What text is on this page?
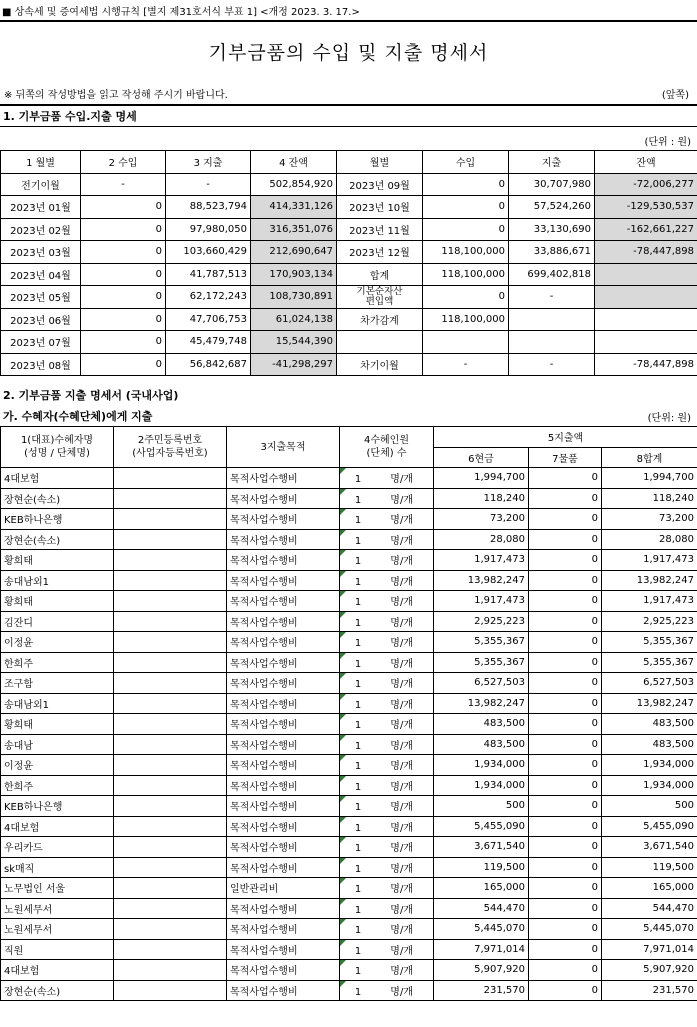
■ 상속세 및 증여세법 시행규칙 [별지 제31호서식 부표 1] <개정 2023. 3. 17.>
기부금품의 수입 및 지출 명세서
※ 뒤쪽의 작성방법을 읽고 작성해 주시기 바랍니다.	(앞쪽)
1. 기부금품 수입.지출 명세
(단위 : 원)
1 월별	2 수입	3 지출	4 잔액	월별	수입	지출	잔액
전기이월	-	-	502,854,920	2023년 09월	0	30,707,980	-72,006,277
2023년 01월	0	88,523,794	414,331,126	2023년 10월	0	57,524,260	-129,530,537
2023년 02월	0	97,980,050	316,351,076	2023년 11월	0	33,130,690	-162,661,227
2023년 03월	0	103,660,429	212,690,647	2023년 12월	118,100,000	33,886,671	-78,447,898
2023년 04월	0	41,787,513	170,903,134	합계	118,100,000	699,402,818	
2023년 05월	0	62,172,243	108,730,891	기본순자산
편입액	0	-	
2023년 06월	0	47,706,753	61,024,138	차가감계	118,100,000		
2023년 07월	0	45,479,748	15,544,390				
2023년 08월	0	56,842,687	-41,298,297	차기이월	-	-	-78,447,898
2. 기부금품 지출 명세서 (국내사업)
가. 수혜자(수혜단체)에게 지출	(단위: 원)
1(대표)수혜자명
(성명 / 단체명)	2주민등록번호
(사업자등록번호)	3지출목적	4수혜인원
(단체) 수	5지출액		
				6현금	7물품	8합계
4대보험		목적사업수행비	1 명/개	1,994,700	0	1,994,700
장현순(속소)		목적사업수행비	1 명/개	118,240	0	118,240
KEB하나은행		목적사업수행비	1 명/개	73,200	0	73,200
장현순(속소)		목적사업수행비	1 명/개	28,080	0	28,080
황희태		목적사업수행비	1 명/개	1,917,473	0	1,917,473
송대남외1		목적사업수행비	1 명/개	13,982,247	0	13,982,247
황희태		목적사업수행비	1 명/개	1,917,473	0	1,917,473
김잔디		목적사업수행비	1 명/개	2,925,223	0	2,925,223
이정윤		목적사업수행비	1 명/개	5,355,367	0	5,355,367
한희주		목적사업수행비	1 명/개	5,355,367	0	5,355,367
조구함		목적사업수행비	1 명/개	6,527,503	0	6,527,503
송대남외1		목적사업수행비	1 명/개	13,982,247	0	13,982,247
황희태		목적사업수행비	1 명/개	483,500	0	483,500
송대남		목적사업수행비	1 명/개	483,500	0	483,500
이정윤		목적사업수행비	1 명/개	1,934,000	0	1,934,000
한희주		목적사업수행비	1 명/개	1,934,000	0	1,934,000
KEB하나은행		목적사업수행비	1 명/개	500	0	500
4대보험		목적사업수행비	1 명/개	5,455,090	0	5,455,090
우리카드		목적사업수행비	1 명/개	3,671,540	0	3,671,540
sk매직		목적사업수행비	1 명/개	119,500	0	119,500
노무법인 서울		일반관리비	1 명/개	165,000	0	165,000
노원세무서		목적사업수행비	1 명/개	544,470	0	544,470
노원세무서		목적사업수행비	1 명/개	5,445,070	0	5,445,070
직원		목적사업수행비	1 명/개	7,971,014	0	7,971,014
4대보험		목적사업수행비	1 명/개	5,907,920	0	5,907,920
장현순(속소)		목적사업수행비	1 명/개	231,570	0	231,570
